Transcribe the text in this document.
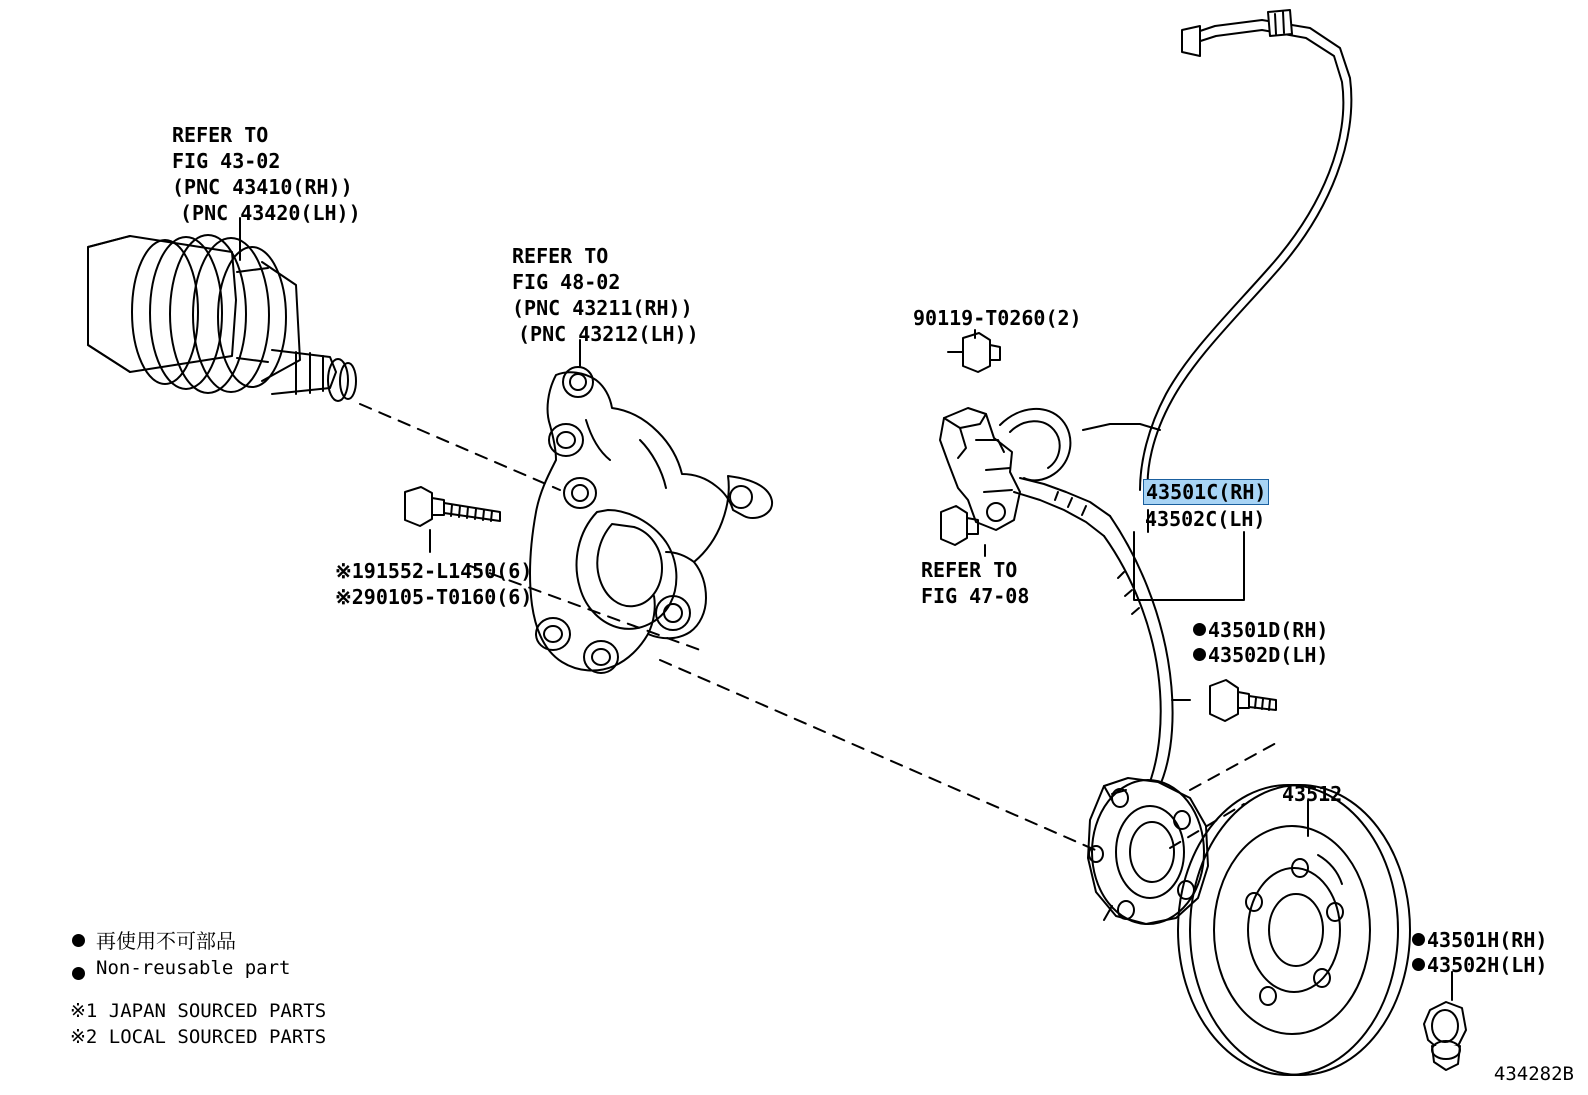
REFER TO
FIG 43-02
(PNC 43410(RH))
(PNC 43420(LH))
REFER TO
FIG 48-02
(PNC 43211(RH))
(PNC 43212(LH))
90119-T0260(2)
REFER TO
FIG 47-08
※191552-L1450(6)
※290105-T0160(6)
43501C(RH)
43502C(LH)
43501D(RH)
43502D(LH)
43512
43501H(RH)
43502H(LH)
再使用不可部品
Non-reusable part
※1 JAPAN SOURCED PARTS
※2 LOCAL SOURCED PARTS
434282B
